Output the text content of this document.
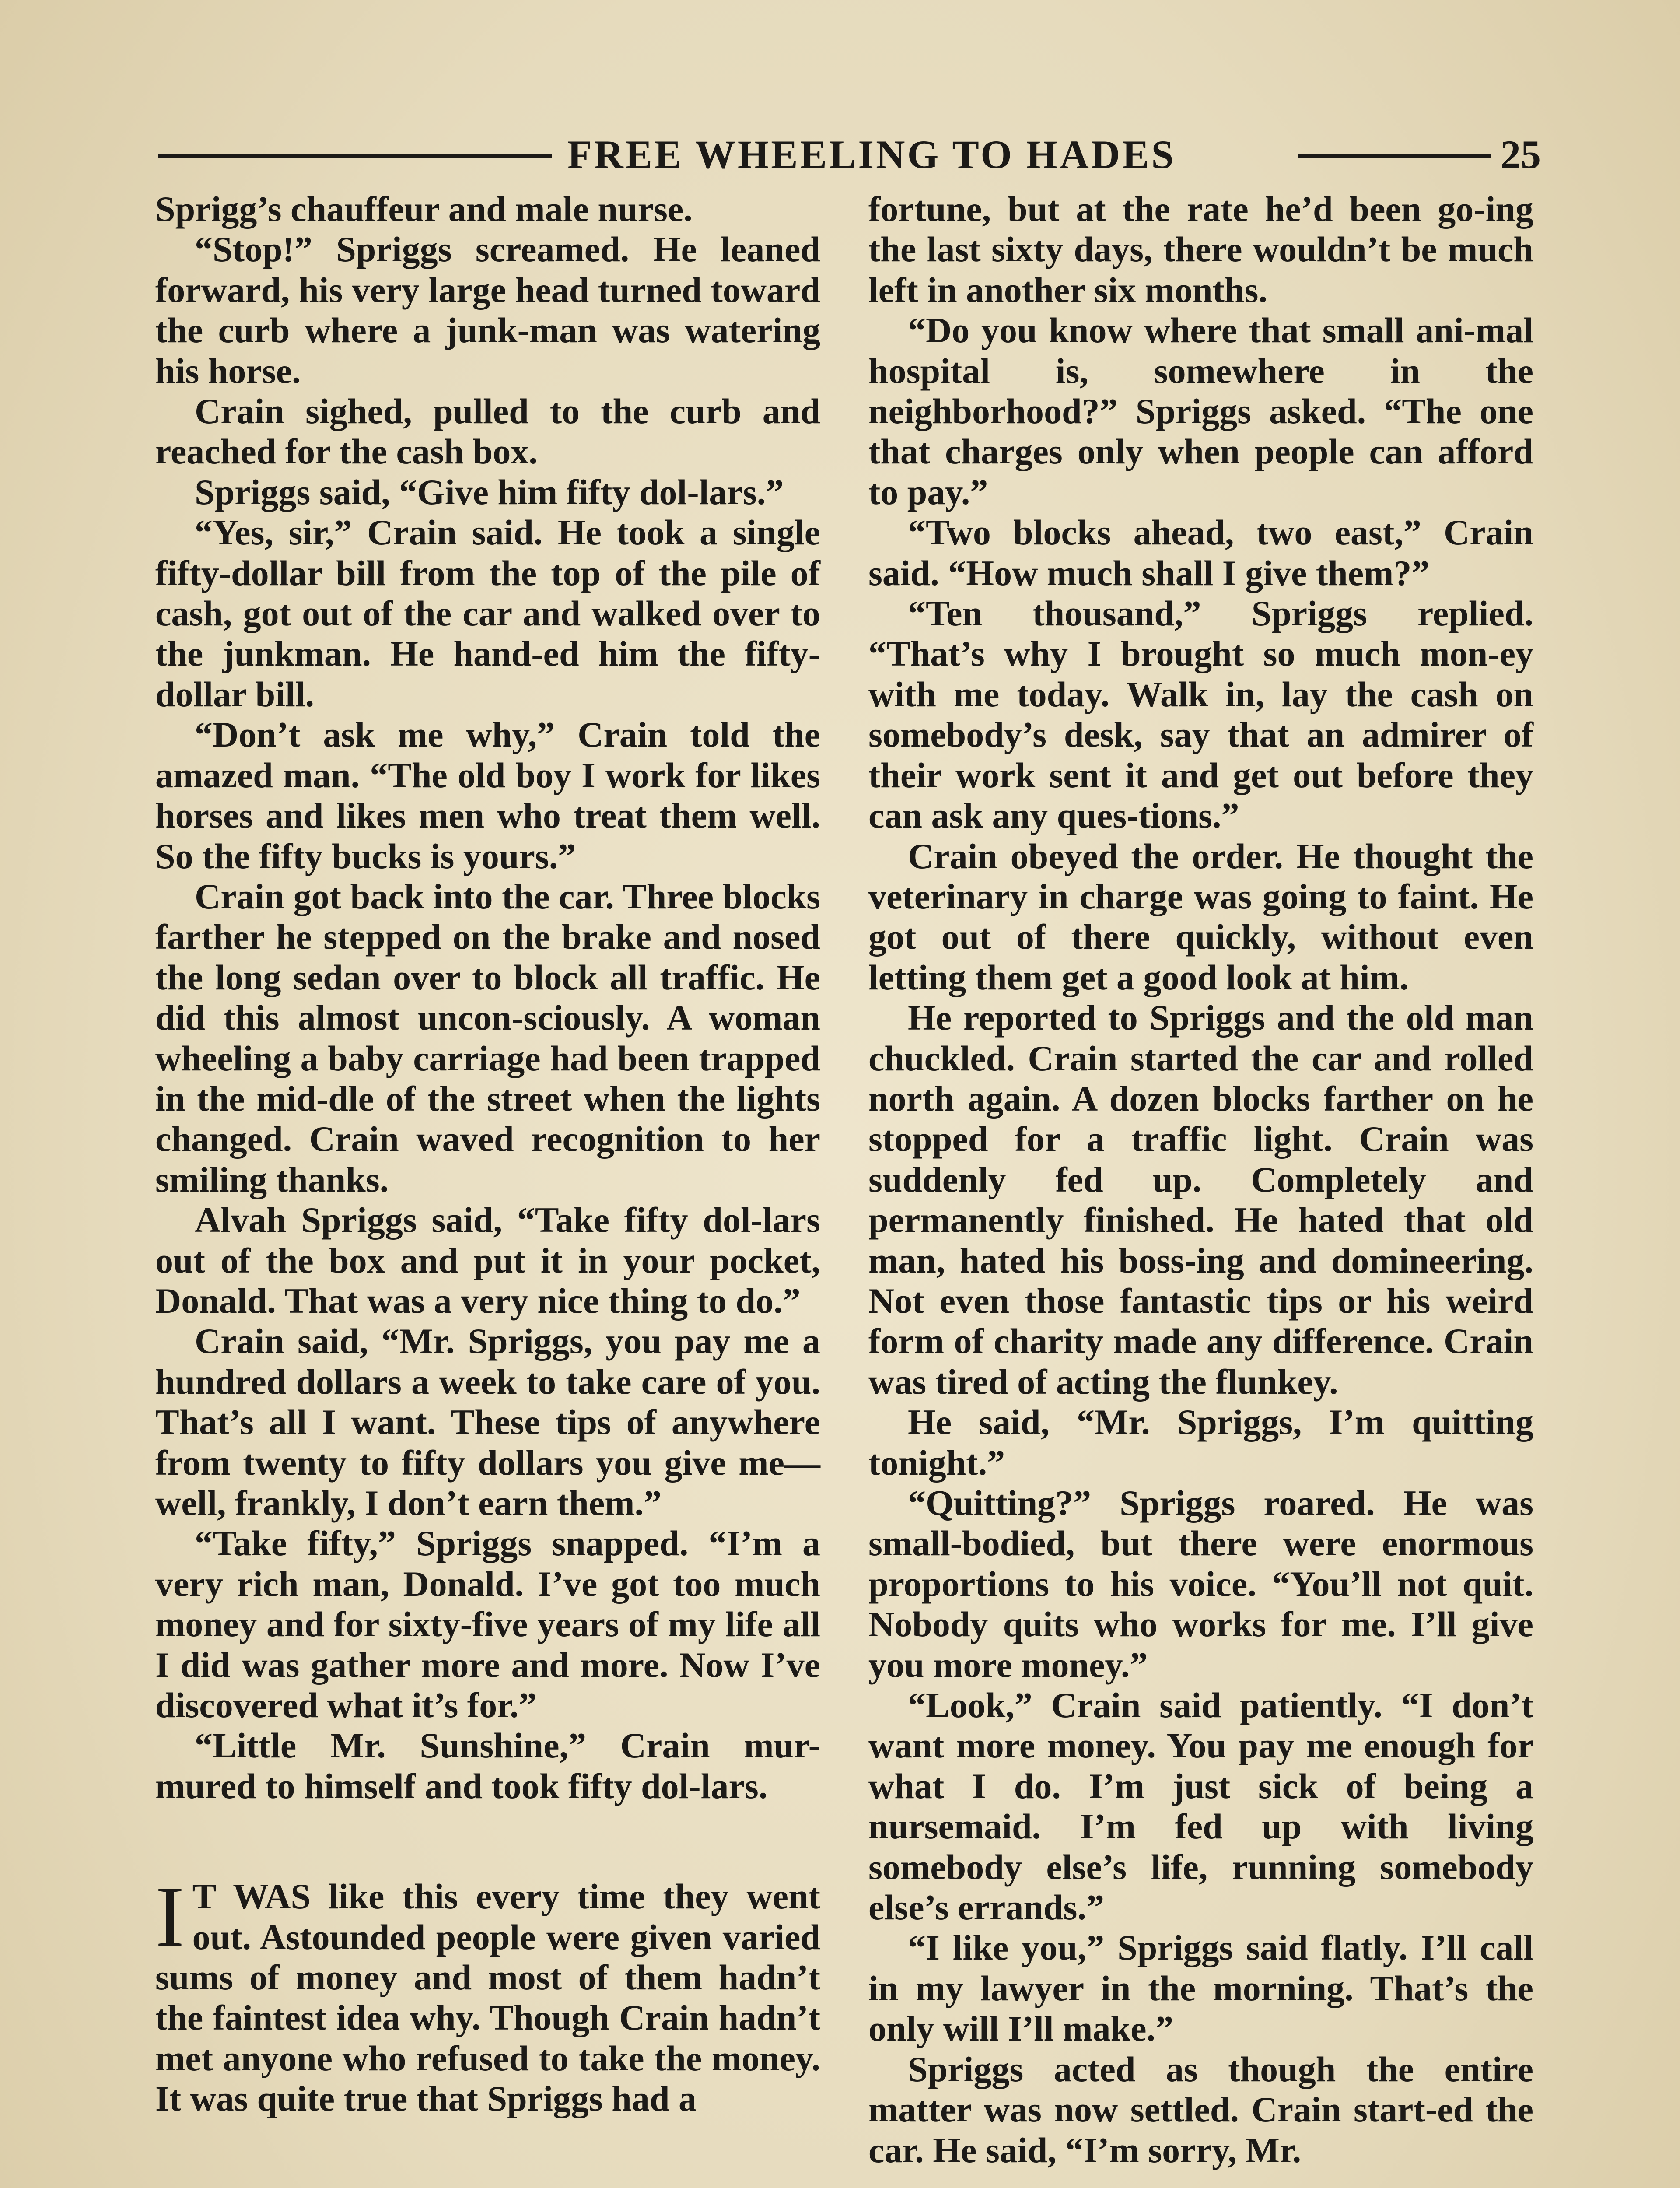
FREE WHEELING TO HADES	25

Sprigg’s chauffeur and male nurse.

“Stop!” Spriggs screamed. He leaned forward, his very large head turned toward the curb where a junk-man was watering his horse.

Crain sighed, pulled to the curb and reached for the cash box.

Spriggs said, “Give him fifty dol-lars.”

“Yes, sir,” Crain said. He took a single fifty-dollar bill from the top of the pile of cash, got out of the car and walked over to the junkman. He hand-ed him the fifty-dollar bill.

“Don’t ask me why,” Crain told the amazed man. “The old boy I work for likes horses and likes men who treat them well. So the fifty bucks is yours.”

Crain got back into the car. Three blocks farther he stepped on the brake and nosed the long sedan over to block all traffic. He did this almost uncon-sciously. A woman wheeling a baby carriage had been trapped in the mid-dle of the street when the lights changed. Crain waved recognition to her smiling thanks.

Alvah Spriggs said, “Take fifty dol-lars out of the box and put it in your pocket, Donald. That was a very nice thing to do.”

Crain said, “Mr. Spriggs, you pay me a hundred dollars a week to take care of you. That’s all I want. These tips of anywhere from twenty to fifty dollars you give me—well, frankly, I don’t earn them.”

“Take fifty,” Spriggs snapped. “I’m a very rich man, Donald. I’ve got too much money and for sixty-five years of my life all I did was gather more and more. Now I’ve discovered what it’s for.”

“Little Mr. Sunshine,” Crain mur-mured to himself and took fifty dol-lars.

I T WAS like this every time they went out. Astounded people were given varied sums of money and most of them hadn’t the faintest idea why. Though Crain hadn’t met anyone who refused to take the money. It was quite true that Spriggs had a

fortune, but at the rate he’d been go-ing the last sixty days, there wouldn’t be much left in another six months.

“Do you know where that small ani-mal hospital is, somewhere in the neighborhood?” Spriggs asked. “The one that charges only when people can afford to pay.”

“Two blocks ahead, two east,” Crain said. “How much shall I give them?”

“Ten thousand,” Spriggs replied. “That’s why I brought so much mon-ey with me today. Walk in, lay the cash on somebody’s desk, say that an admirer of their work sent it and get out before they can ask any ques-tions.”

Crain obeyed the order. He thought the veterinary in charge was going to faint. He got out of there quickly, without even letting them get a good look at him.

He reported to Spriggs and the old man chuckled. Crain started the car and rolled north again. A dozen blocks farther on he stopped for a traffic light. Crain was suddenly fed up. Completely and permanently finished. He hated that old man, hated his boss-ing and domineering. Not even those fantastic tips or his weird form of charity made any difference. Crain was tired of acting the flunkey.

He said, “Mr. Spriggs, I’m quitting tonight.”

“Quitting?” Spriggs roared. He was small-bodied, but there were enormous proportions to his voice. “You’ll not quit. Nobody quits who works for me. I’ll give you more money.”

“Look,” Crain said patiently. “I don’t want more money. You pay me enough for what I do. I’m just sick of being a nursemaid. I’m fed up with living somebody else’s life, running somebody else’s errands.”

“I like you,” Spriggs said flatly. I’ll call in my lawyer in the morning. That’s the only will I’ll make.”

Spriggs acted as though the entire matter was now settled. Crain start-ed the car. He said, “I’m sorry, Mr.
